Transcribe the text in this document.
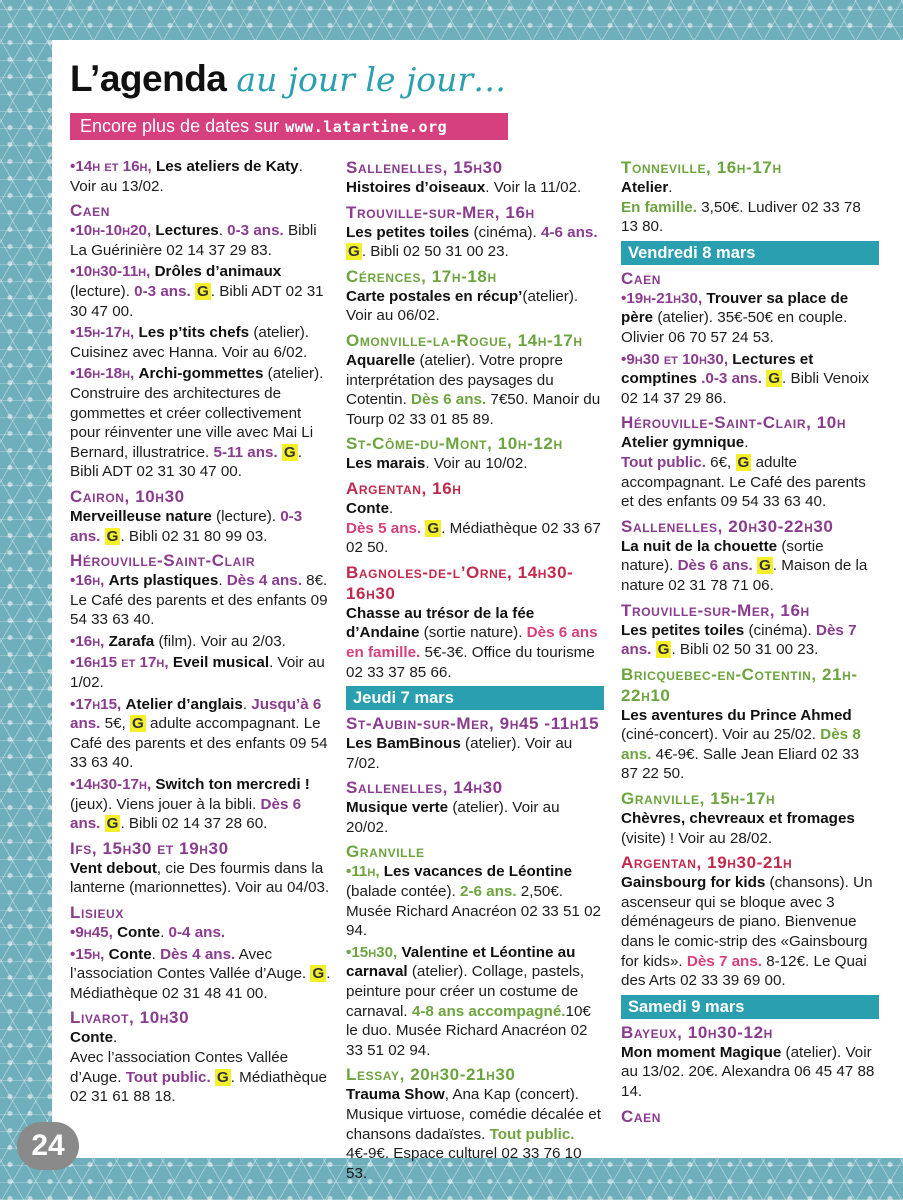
L’agenda au jour le jour…
Encore plus de dates sur www.latartine.org
•14h et 16h, Les ateliers de Katy. Voir au 13/02.
Caen
•10h-10h20, Lectures. 0-3 ans. Bibli La Guérinière 02 14 37 29 83.
•10h30-11h, Drôles d’animaux (lecture). 0-3 ans. G . Bibli ADT 02 31 30 47 00.
•15h-17h, Les p’tits chefs (atelier). Cuisinez avec Hanna. Voir au 6/02.
•16h-18h, Archi-gommettes (atelier). Construire des architectures de gommettes et créer collectivement pour réinventer une ville avec Mai Li Bernard, illustratrice. 5-11 ans. G . Bibli ADT 02 31 30 47 00.
Cairon, 10h30
Merveilleuse nature (lecture). 0-3 ans. G . Bibli 02 31 80 99 03.
Hérouville-Saint-Clair
•16h, Arts plastiques. Dès 4 ans. 8€. Le Café des parents et des enfants 09 54 33 63 40.
•16h, Zarafa (film). Voir au 2/03.
•16h15 et 17h, Eveil musical. Voir au 1/02.
•17h15, Atelier d’anglais. Jusqu’à 6 ans. 5€, G adulte accompagnant. Le Café des parents et des enfants 09 54 33 63 40.
•14h30-17h, Switch ton mercredi ! (jeux). Viens jouer à la bibli. Dès 6 ans. G . Bibli 02 14 37 28 60.
Ifs, 15h30 et 19h30
Vent debout, cie Des fourmis dans la lanterne (marionnettes). Voir au 04/03.
Lisieux
•9h45, Conte. 0-4 ans.
•15h, Conte. Dès 4 ans. Avec l’association Contes Vallée d’Auge. G . Médiathèque 02 31 48 41 00.
Livarot, 10h30
Conte.
Avec l’association Contes Vallée d’Auge. Tout public. G . Médiathèque 02 31 61 88 18.
Sallenelles, 15h30
Histoires d’oiseaux. Voir la 11/02.
Trouville-sur-Mer, 16h
Les petites toiles (cinéma). 4-6 ans. G . Bibli 02 50 31 00 23.
Cérences, 17h-18h
Carte postales en récup’(atelier). Voir au 06/02.
Omonville-la-Rogue, 14h-17h
Aquarelle (atelier). Votre propre interprétation des paysages du Cotentin. Dès 6 ans. 7€50. Manoir du Tourp 02 33 01 85 89.
St-Côme-du-Mont, 10h-12h
Les marais. Voir au 10/02.
Argentan, 16h
Conte.
Dès 5 ans. G . Médiathèque 02 33 67 02 50.
Bagnoles-de-l’Orne, 14h30-16h30
Chasse au trésor de la fée d’Andaine (sortie nature). Dès 6 ans en famille. 5€-3€. Office du tourisme 02 33 37 85 66.
Jeudi 7 mars
St-Aubin-sur-Mer, 9h45 -11h15
Les BamBinous (atelier). Voir au 7/02.
Sallenelles, 14h30
Musique verte (atelier). Voir au 20/02.
Granville
•11h, Les vacances de Léontine (balade contée). 2-6 ans. 2,50€. Musée Richard Anacréon 02 33 51 02 94.
•15h30, Valentine et Léontine au carnaval (atelier). Collage, pastels, peinture pour créer un costume de carnaval. 4-8 ans accompagné.10€ le duo. Musée Richard Anacréon 02 33 51 02 94.
Lessay, 20h30-21h30
Trauma Show, Ana Kap (concert). Musique virtuose, comédie décalée et chansons dadaïstes. Tout public. 4€-9€. Espace culturel 02 33 76 10 53.
Tonneville, 16h-17h
Atelier.
En famille. 3,50€. Ludiver 02 33 78 13 80.
Vendredi 8 mars
Caen
•19h-21h30, Trouver sa place de père (atelier). 35€-50€ en couple. Olivier 06 70 57 24 53.
•9h30 et 10h30, Lectures et comptines .0-3 ans. G . Bibli Venoix 02 14 37 29 86.
Hérouville-Saint-Clair, 10h
Atelier gymnique.
Tout public. 6€, G adulte accompagnant. Le Café des parents et des enfants 09 54 33 63 40.
Sallenelles, 20h30-22h30
La nuit de la chouette (sortie nature). Dès 6 ans. G . Maison de la nature 02 31 78 71 06.
Trouville-sur-Mer, 16h
Les petites toiles (cinéma). Dès 7 ans. G . Bibli 02 50 31 00 23.
Bricquebec-en-Cotentin, 21h-22h10
Les aventures du Prince Ahmed (ciné-concert). Voir au 25/02. Dès 8 ans. 4€-9€. Salle Jean Eliard 02 33 87 22 50.
Granville, 15h-17h
Chèvres, chevreaux et fromages (visite) ! Voir au 28/02.
Argentan, 19h30-21h
Gainsbourg for kids (chansons). Un ascenseur qui se bloque avec 3 déménageurs de piano. Bienvenue dans le comic-strip des «Gainsbourg for kids». Dès 7 ans. 8-12€. Le Quai des Arts 02 33 39 69 00.
Samedi 9 mars
Bayeux, 10h30-12h
Mon moment Magique (atelier). Voir au 13/02. 20€. Alexandra 06 45 47 88 14.
Caen
24
